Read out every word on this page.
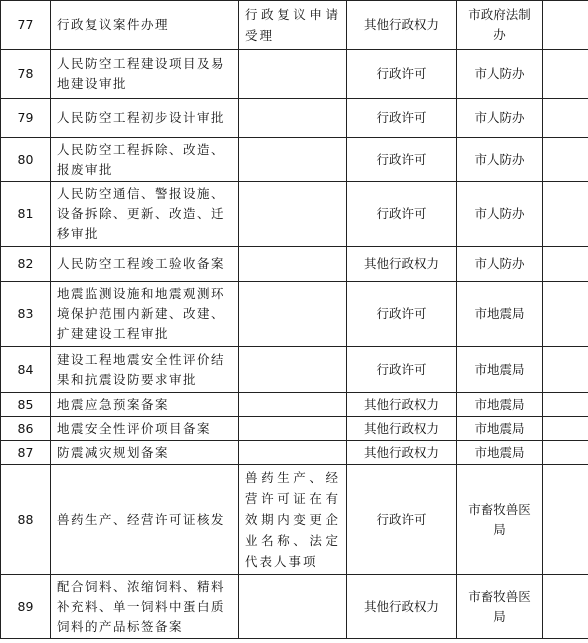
77	行政复议案件办理	行政复议申请受理	其他行政权力	市政府法制办	
78	人民防空工程建设项目及易地建设审批		行政许可	市人防办	
79	人民防空工程初步设计审批		行政许可	市人防办	
80	人民防空工程拆除、改造、报废审批		行政许可	市人防办	
81	人民防空通信、警报设施、设备拆除、更新、改造、迁移审批		行政许可	市人防办	
82	人民防空工程竣工验收备案		其他行政权力	市人防办	
83	地震监测设施和地震观测环境保护范围内新建、改建、扩建建设工程审批		行政许可	市地震局	
84	建设工程地震安全性评价结果和抗震设防要求审批		行政许可	市地震局	
85	地震应急预案备案		其他行政权力	市地震局	
86	地震安全性评价项目备案		其他行政权力	市地震局	
87	防震减灾规划备案		其他行政权力	市地震局	
88	兽药生产、经营许可证核发	兽药生产、经营许可证在有效期内变更企业名称、法定代表人事项	行政许可	市畜牧兽医局	
89	配合饲料、浓缩饲料、精料补充料、单一饲料中蛋白质饲料的产品标签备案		其他行政权力	市畜牧兽医局	
